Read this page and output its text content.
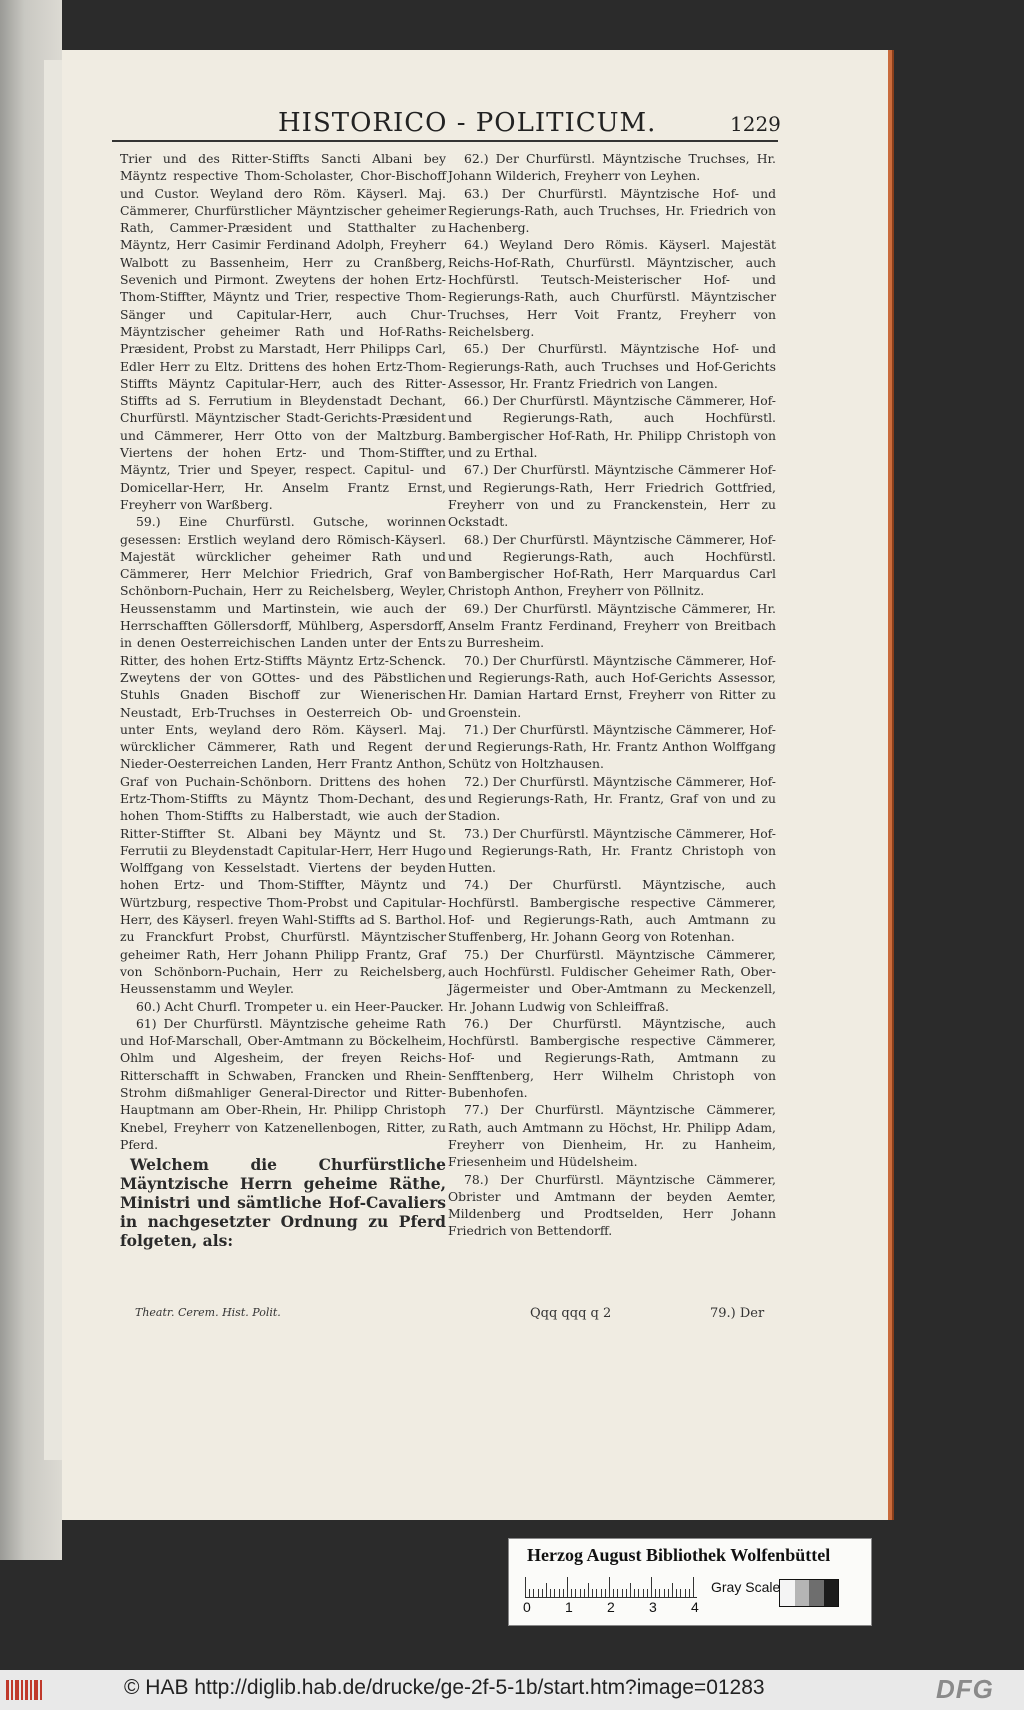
HISTORICO - POLITICUM.	1229

Trier und des Ritter-Stiffts Sancti Albani bey Mäyntz respective Thom-Scholaster, Chor-Bischoff und Custor. Weyland dero Röm. Käyserl. Maj. Cämmerer, Churfürstlicher Mäyntzischer geheimer Rath, Cammer-Præsident und Statthalter zu Mäyntz, Herr Casimir Ferdinand Adolph, Freyherr Walbott zu Bassenheim, Herr zu Cranßberg, Sevenich und Pirmont. Zweytens der hohen Ertz-Thom-Stiffter, Mäyntz und Trier, respective Thom-Sänger und Capitular-Herr, auch Chur-Mäyntzischer geheimer Rath und Hof-Raths-Præsident, Probst zu Marstadt, Herr Philipps Carl, Edler Herr zu Eltz. Drittens des hohen Ertz-Thom-Stiffts Mäyntz Capitular-Herr, auch des Ritter-Stiffts ad S. Ferrutium in Bleydenstadt Dechant, Churfürstl. Mäyntzischer Stadt-Gerichts-Præsident und Cämmerer, Herr Otto von der Maltzburg. Viertens der hohen Ertz- und Thom-Stiffter, Mäyntz, Trier und Speyer, respect. Capitul- und Domicellar-Herr, Hr. Anselm Frantz Ernst, Freyherr von Warßberg.

59.) Eine Churfürstl. Gutsche, worinnen gesessen: Erstlich weyland dero Römisch-Käyserl. Majestät würcklicher geheimer Rath und Cämmerer, Herr Melchior Friedrich, Graf von Schönborn-Puchain, Herr zu Reichelsberg, Weyler, Heussenstamm und Martinstein, wie auch der Herrschafften Göllersdorff, Mühlberg, Aspersdorff, in denen Oesterreichischen Landen unter der Ents Ritter, des hohen Ertz-Stiffts Mäyntz Ertz-Schenck. Zweytens der von GOttes- und des Päbstlichen Stuhls Gnaden Bischoff zur Wienerischen Neustadt, Erb-Truchses in Oesterreich Ob- und unter Ents, weyland dero Röm. Käyserl. Maj. würcklicher Cämmerer, Rath und Regent der Nieder-Oesterreichen Landen, Herr Frantz Anthon, Graf von Puchain-Schönborn. Drittens des hohen Ertz-Thom-Stiffts zu Mäyntz Thom-Dechant, des hohen Thom-Stiffts zu Halberstadt, wie auch der Ritter-Stiffter St. Albani bey Mäyntz und St. Ferrutii zu Bleydenstadt Capitular-Herr, Herr Hugo Wolffgang von Kesselstadt. Viertens der beyden hohen Ertz- und Thom-Stiffter, Mäyntz und Würtzburg, respective Thom-Probst und Capitular-Herr, des Käyserl. freyen Wahl-Stiffts ad S. Barthol. zu Franckfurt Probst, Churfürstl. Mäyntzischer geheimer Rath, Herr Johann Philipp Frantz, Graf von Schönborn-Puchain, Herr zu Reichelsberg, Heussenstamm und Weyler.

60.) Acht Churfl. Trompeter u. ein Heer-Paucker.

61) Der Churfürstl. Mäyntzische geheime Rath und Hof-Marschall, Ober-Amtmann zu Böckelheim, Ohlm und Algesheim, der freyen Reichs-Ritterschafft in Schwaben, Francken und Rhein-Strohm dißmahliger General-Director und Ritter-Hauptmann am Ober-Rhein, Hr. Philipp Christoph Knebel, Freyherr von Katzenellenbogen, Ritter, zu Pferd.

Welchem die Churfürstliche Mäyntzische Herrn geheime Räthe, Ministri und sämtliche Hof-Cavaliers in nachgesetzter Ordnung zu Pferd folgeten, als:

62.) Der Churfürstl. Mäyntzische Truchses, Hr. Johann Wilderich, Freyherr von Leyhen.

63.) Der Churfürstl. Mäyntzische Hof- und Regierungs-Rath, auch Truchses, Hr. Friedrich von Hachenberg.

64.) Weyland Dero Römis. Käyserl. Majestät Reichs-Hof-Rath, Churfürstl. Mäyntzischer, auch Hochfürstl. Teutsch-Meisterischer Hof- und Regierungs-Rath, auch Churfürstl. Mäyntzischer Truchses, Herr Voit Frantz, Freyherr von Reichelsberg.

65.) Der Churfürstl. Mäyntzische Hof- und Regierungs-Rath, auch Truchses und Hof-Gerichts Assessor, Hr. Frantz Friedrich von Langen.

66.) Der Churfürstl. Mäyntzische Cämmerer, Hof- und Regierungs-Rath, auch Hochfürstl. Bambergischer Hof-Rath, Hr. Philipp Christoph von und zu Erthal.

67.) Der Churfürstl. Mäyntzische Cämmerer Hof- und Regierungs-Rath, Herr Friedrich Gottfried, Freyherr von und zu Franckenstein, Herr zu Ockstadt.

68.) Der Churfürstl. Mäyntzische Cämmerer, Hof- und Regierungs-Rath, auch Hochfürstl. Bambergischer Hof-Rath, Herr Marquardus Carl Christoph Anthon, Freyherr von Pöllnitz.

69.) Der Churfürstl. Mäyntzische Cämmerer, Hr. Anselm Frantz Ferdinand, Freyherr von Breitbach zu Burresheim.

70.) Der Churfürstl. Mäyntzische Cämmerer, Hof- und Regierungs-Rath, auch Hof-Gerichts Assessor, Hr. Damian Hartard Ernst, Freyherr von Ritter zu Groenstein.

71.) Der Churfürstl. Mäyntzische Cämmerer, Hof- und Regierungs-Rath, Hr. Frantz Anthon Wolffgang Schütz von Holtzhausen.

72.) Der Churfürstl. Mäyntzische Cämmerer, Hof- und Regierungs-Rath, Hr. Frantz, Graf von und zu Stadion.

73.) Der Churfürstl. Mäyntzische Cämmerer, Hof- und Regierungs-Rath, Hr. Frantz Christoph von Hutten.

74.) Der Churfürstl. Mäyntzische, auch Hochfürstl. Bambergische respective Cämmerer, Hof- und Regierungs-Rath, auch Amtmann zu Stuffenberg, Hr. Johann Georg von Rotenhan.

75.) Der Churfürstl. Mäyntzische Cämmerer, auch Hochfürstl. Fuldischer Geheimer Rath, Ober-Jägermeister und Ober-Amtmann zu Meckenzell, Hr. Johann Ludwig von Schleiffraß.

76.) Der Churfürstl. Mäyntzische, auch Hochfürstl. Bambergische respective Cämmerer, Hof- und Regierungs-Rath, Amtmann zu Senfftenberg, Herr Wilhelm Christoph von Bubenhofen.

77.) Der Churfürstl. Mäyntzische Cämmerer, Rath, auch Amtmann zu Höchst, Hr. Philipp Adam, Freyherr von Dienheim, Hr. zu Hanheim, Friesenheim und Hüdelsheim.

78.) Der Churfürstl. Mäyntzische Cämmerer, Obrister und Amtmann der beyden Aemter, Mildenberg und Prodtselden, Herr Johann Friedrich von Bettendorff.

Theatr. Cerem. Hist. Polit.	Qqq qqq q 2	79.) Der
Herzog August Bibliothek Wolfenbüttel
0 1 2 3 4
Gray Scale
© HAB http://diglib.hab.de/drucke/ge-2f-5-1b/start.htm?image=01283	DFG
